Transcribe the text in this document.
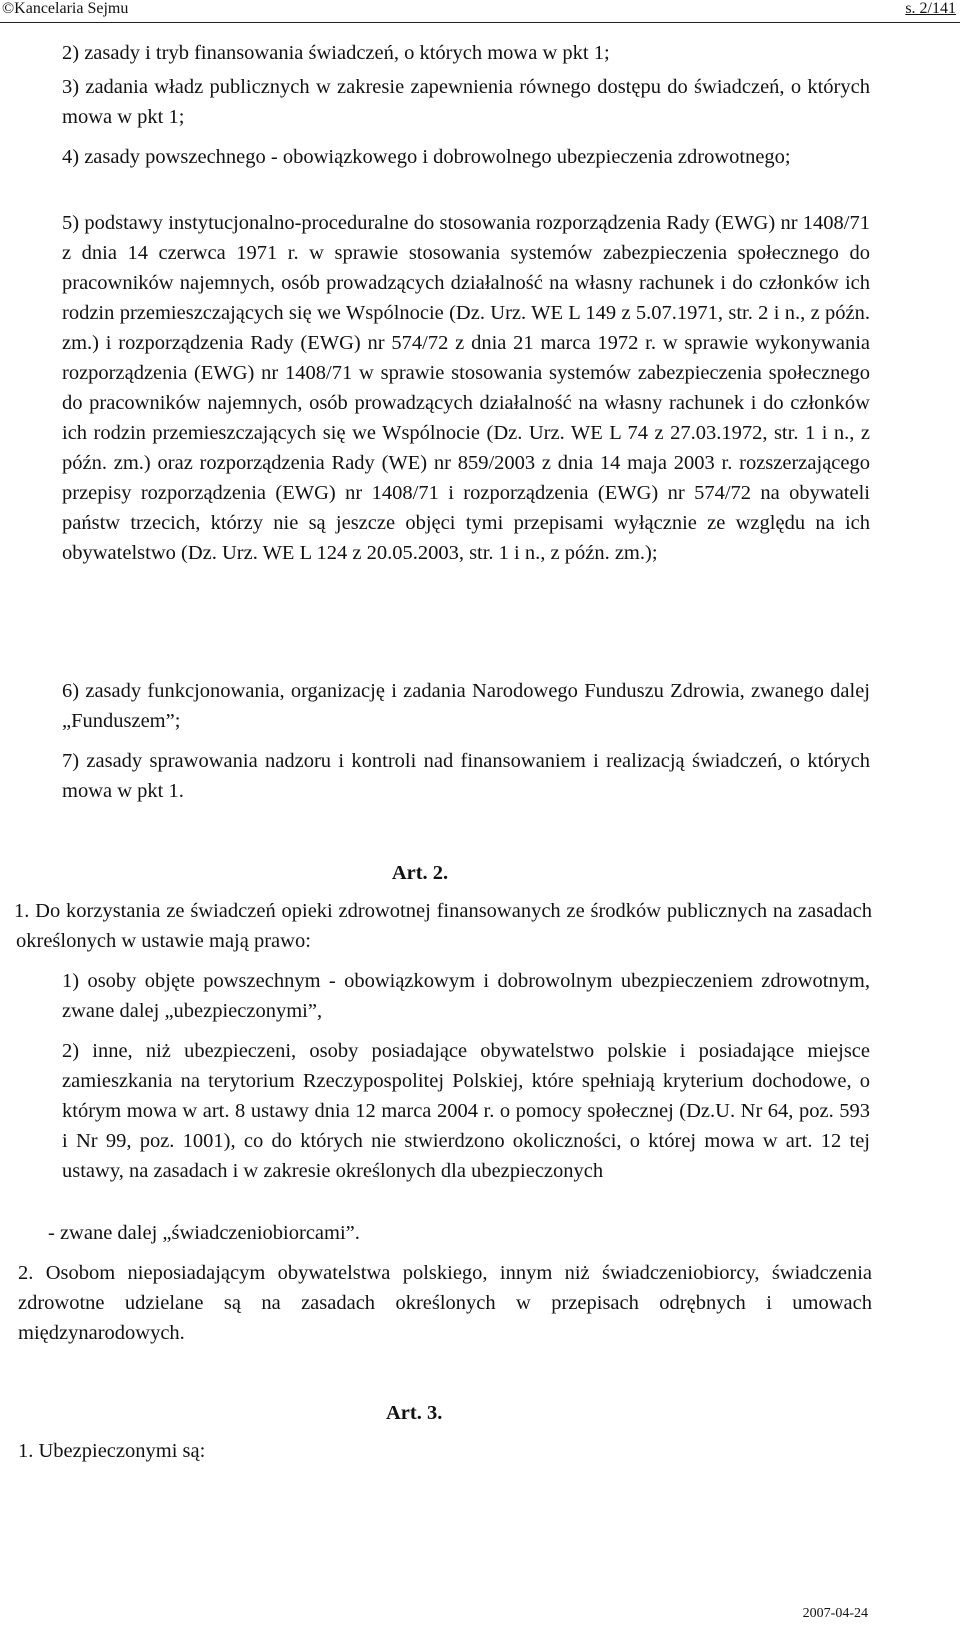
©Kancelaria Sejmu	s. 2/141

2) zasady i tryb finansowania świadczeń, o których mowa w pkt 1;

3) zadania władz publicznych w zakresie zapewnienia równego dostępu do świadczeń, o których mowa w pkt 1;

4) zasady powszechnego - obowiązkowego i dobrowolnego ubezpieczenia zdrowotnego;

5) podstawy instytucjonalno-proceduralne do stosowania rozporządzenia Rady (EWG) nr 1408/71 z dnia 14 czerwca 1971 r. w sprawie stosowania systemów zabezpieczenia społecznego do pracowników najemnych, osób prowadzących działalność na własny rachunek i do członków ich rodzin przemieszczających się we Wspólnocie (Dz. Urz. WE L 149 z 5.07.1971, str. 2 i n., z późn. zm.) i rozporządzenia Rady (EWG) nr 574/72 z dnia 21 marca 1972 r. w sprawie wykonywania rozporządzenia (EWG) nr 1408/71 w sprawie stosowania systemów zabezpieczenia społecznego do pracowników najemnych, osób prowadzących działalność na własny rachunek i do członków ich rodzin przemieszczających się we Wspólnocie (Dz. Urz. WE L 74 z 27.03.1972, str. 1 i n., z późn. zm.) oraz rozporządzenia Rady (WE) nr 859/2003 z dnia 14 maja 2003 r. rozszerzającego przepisy rozporządzenia (EWG) nr 1408/71 i rozporządzenia (EWG) nr 574/72 na obywateli państw trzecich, którzy nie są jeszcze objęci tymi przepisami wyłącznie ze względu na ich obywatelstwo (Dz. Urz. WE L 124 z 20.05.2003, str. 1 i n., z późn. zm.);

6) zasady funkcjonowania, organizację i zadania Narodowego Funduszu Zdrowia, zwanego dalej „Funduszem”;

7) zasady sprawowania nadzoru i kontroli nad finansowaniem i realizacją świadczeń, o których mowa w pkt 1.

Art. 2.

1. Do korzystania ze świadczeń opieki zdrowotnej finansowanych ze środków publicznych na zasadach określonych w ustawie mają prawo:

1) osoby objęte powszechnym - obowiązkowym i dobrowolnym ubezpieczeniem zdrowotnym, zwane dalej „ubezpieczonymi”,

2) inne, niż ubezpieczeni, osoby posiadające obywatelstwo polskie i posiadające miejsce zamieszkania na terytorium Rzeczypospolitej Polskiej, które spełniają kryterium dochodowe, o którym mowa w art. 8 ustawy dnia 12 marca 2004 r. o pomocy społecznej (Dz.U. Nr 64, poz. 593 i Nr 99, poz. 1001), co do których nie stwierdzono okoliczności, o której mowa w art. 12 tej ustawy, na zasadach i w zakresie określonych dla ubezpieczonych

- zwane dalej „świadczeniobiorcami”.

2. Osobom nieposiadającym obywatelstwa polskiego, innym niż świadczeniobiorcy, świadczenia zdrowotne udzielane są na zasadach określonych w przepisach odrębnych i umowach międzynarodowych.

Art. 3.

1. Ubezpieczonymi są:

2007-04-24
